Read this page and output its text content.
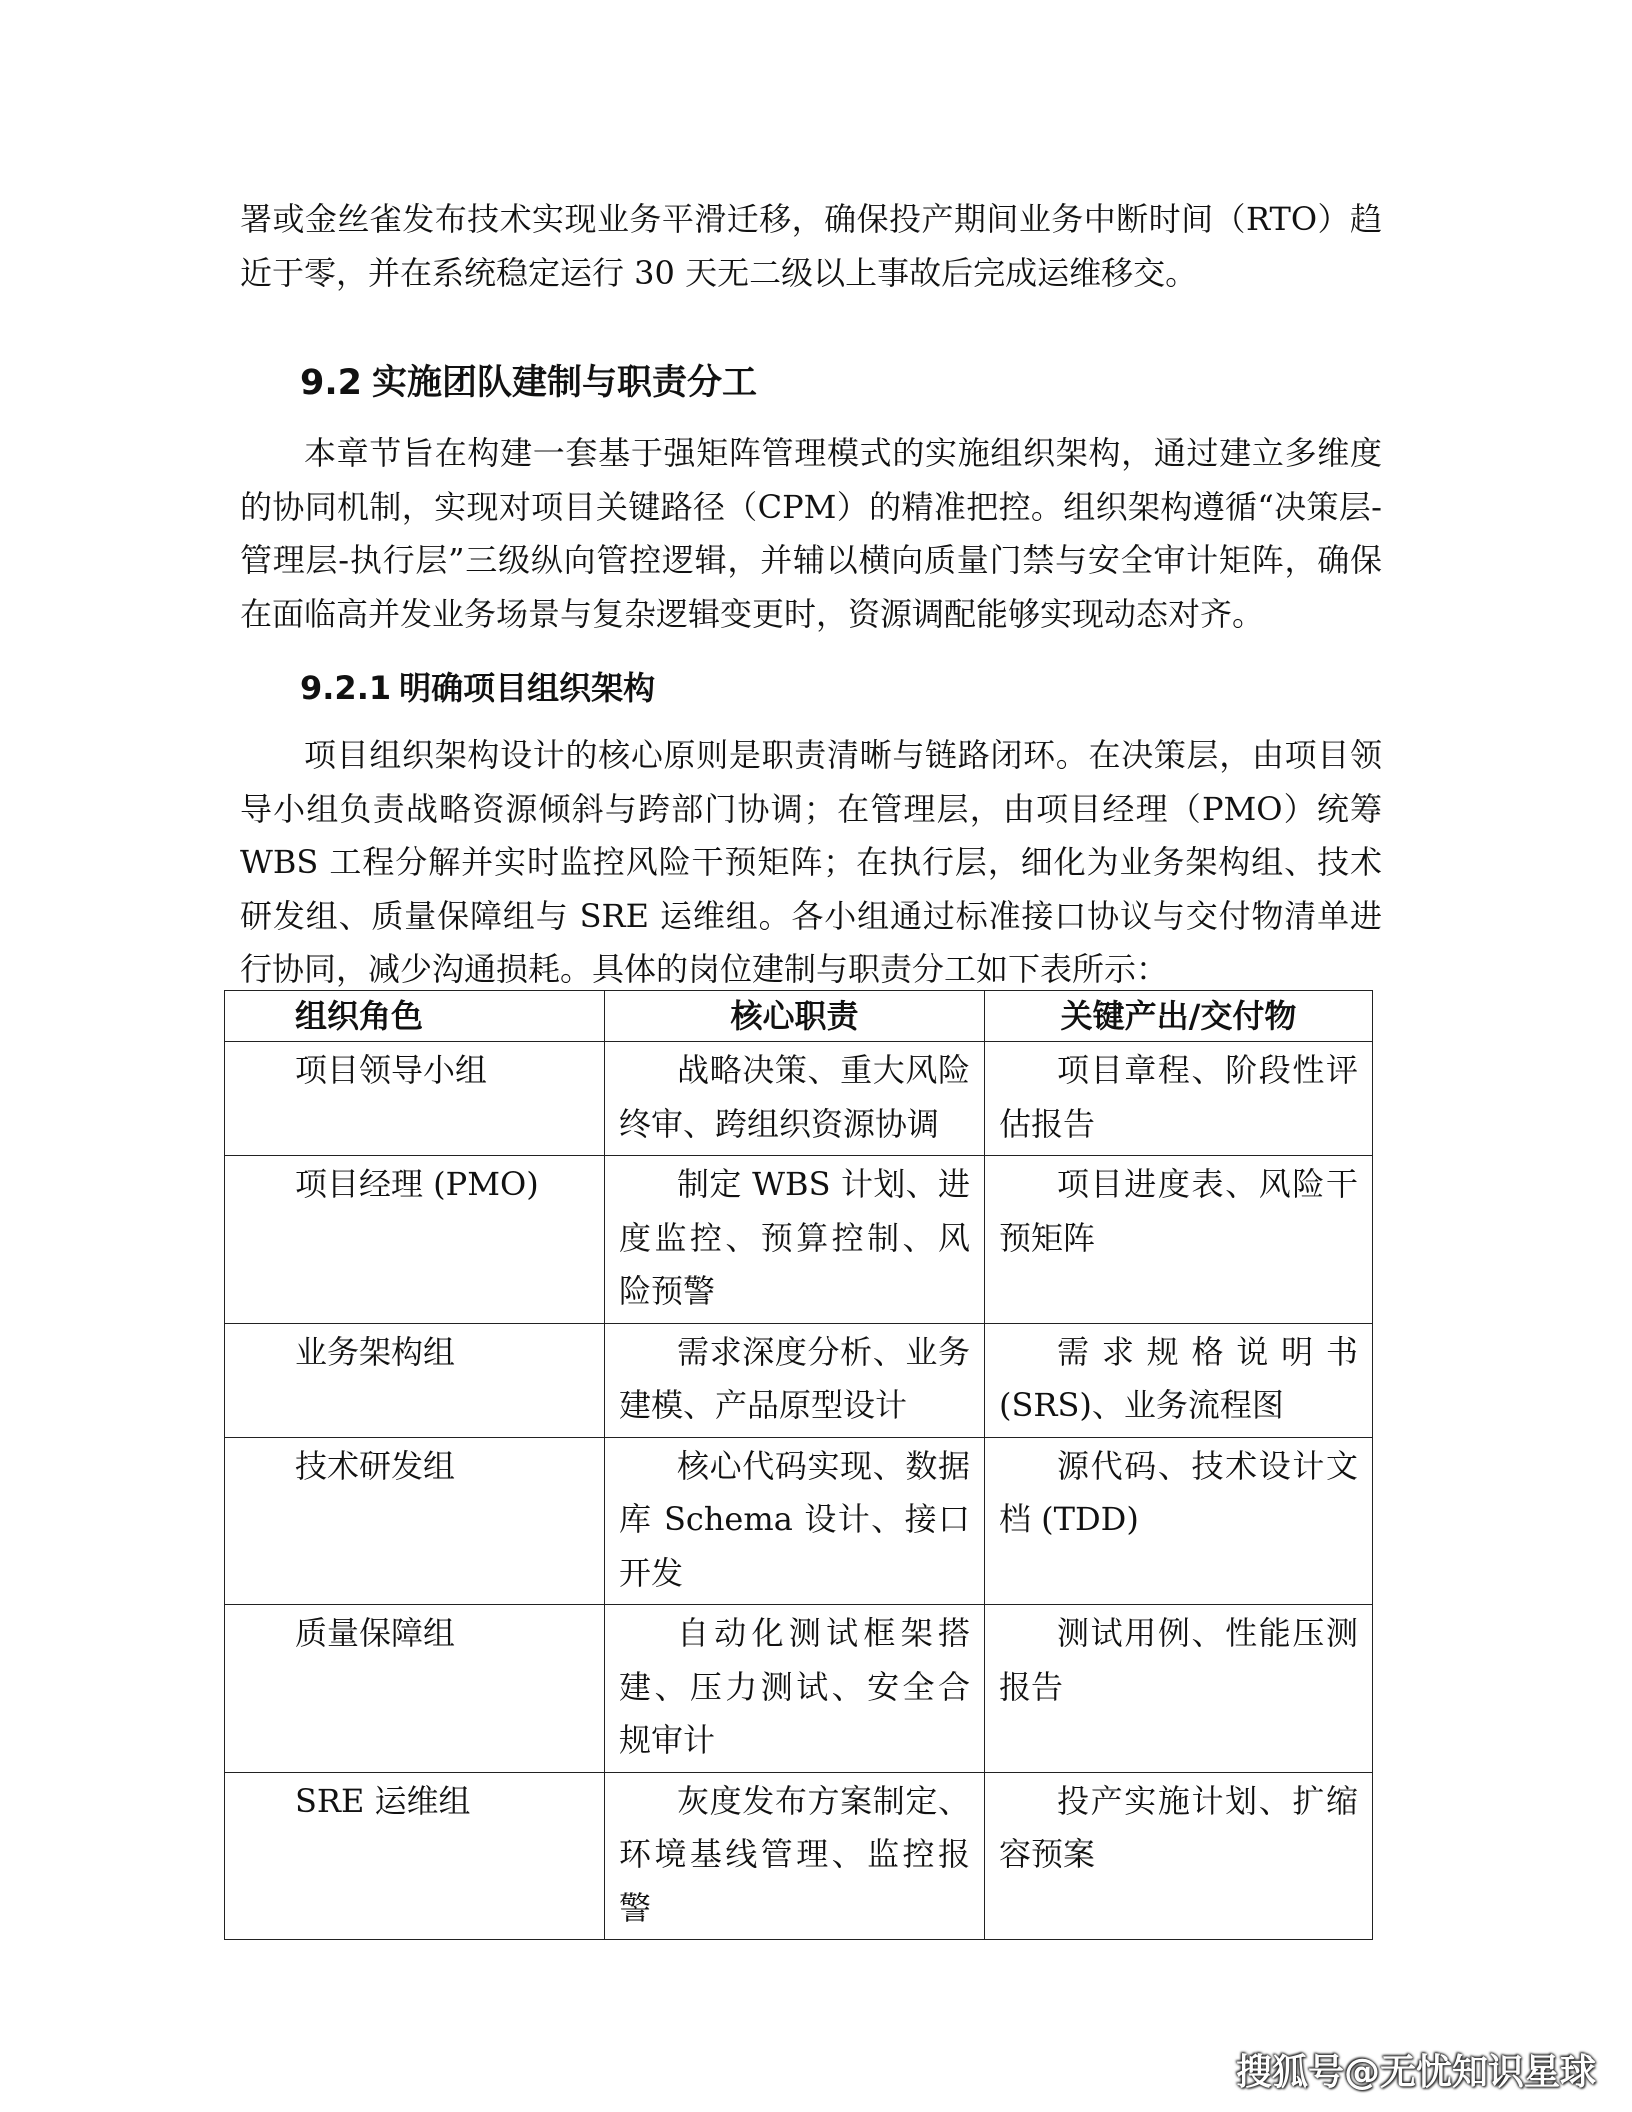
署或金丝雀发布技术实现业务平滑迁移，确保投产期间业务中断时间（RTO）趋近于零，并在系统稳定运行 30 天无二级以上事故后完成运维移交。

9.2 实施团队建制与职责分工

本章节旨在构建一套基于强矩阵管理模式的实施组织架构，通过建立多维度的协同机制，实现对项目关键路径（CPM）的精准把控。组织架构遵循“决策层-管理层-执行层”三级纵向管控逻辑，并辅以横向质量门禁与安全审计矩阵，确保在面临高并发业务场景与复杂逻辑变更时，资源调配能够实现动态对齐。

9.2.1 明确项目组织架构

项目组织架构设计的核心原则是职责清晰与链路闭环。在决策层，由项目领导小组负责战略资源倾斜与跨部门协调；在管理层，由项目经理（PMO）统筹 WBS 工程分解并实时监控风险干预矩阵；在执行层，细化为业务架构组、技术研发组、质量保障组与 SRE 运维组。各小组通过标准接口协议与交付物清单进行协同，减少沟通损耗。具体的岗位建制与职责分工如下表所示：

组织角色	核心职责	关键产出/交付物
项目领导小组	战略决策、重大风险终审、跨组织资源协调	项目章程、阶段性评估报告
项目经理 (PMO)	制定 WBS 计划、进度监控、预算控制、风险预警	项目进度表、风险干预矩阵
业务架构组	需求深度分析、业务建模、产品原型设计	需求规格说明书 (SRS)、业务流程图
技术研发组	核心代码实现、数据库 Schema 设计、接口开发	源代码、技术设计文档 (TDD)
质量保障组	自动化测试框架搭建、压力测试、安全合规审计	测试用例、性能压测报告
SRE 运维组	灰度发布方案制定、环境基线管理、监控报警	投产实施计划、扩缩容预案
搜狐号@无忧知识星球
